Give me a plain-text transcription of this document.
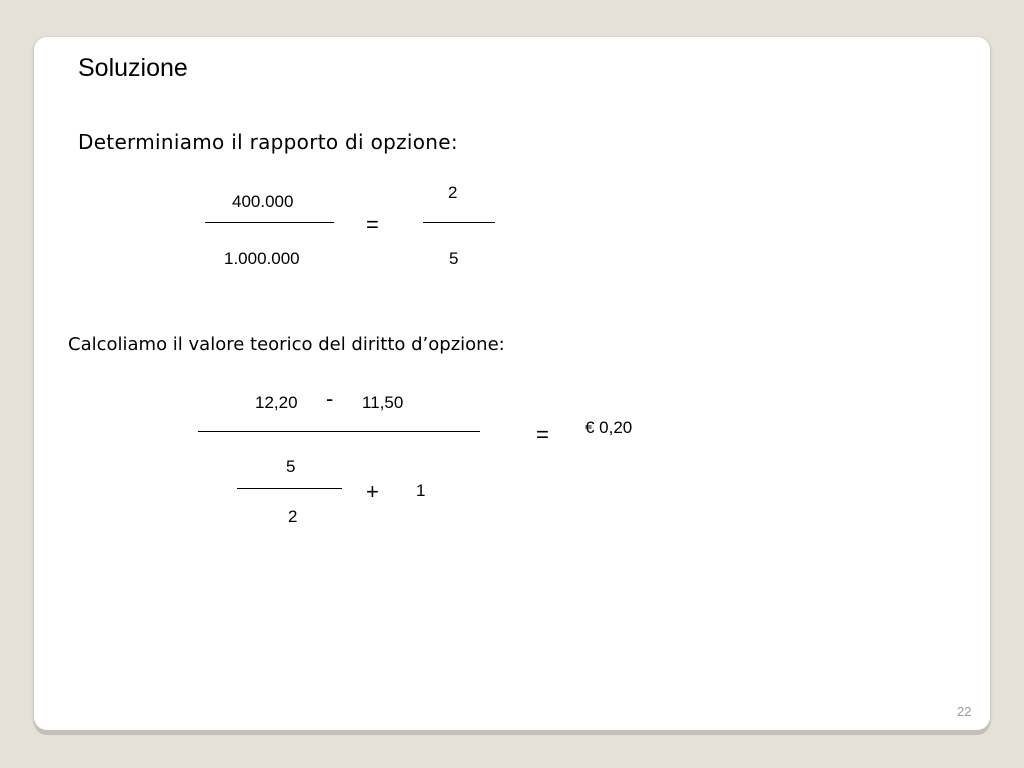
Soluzione
Determiniamo il rapporto di opzione:
400.000
1.000.000
=
2
5
Calcoliamo il valore teorico del diritto d’opzione:
12,20 - 11,50
5
2
+ 1
= € 0,20
22
